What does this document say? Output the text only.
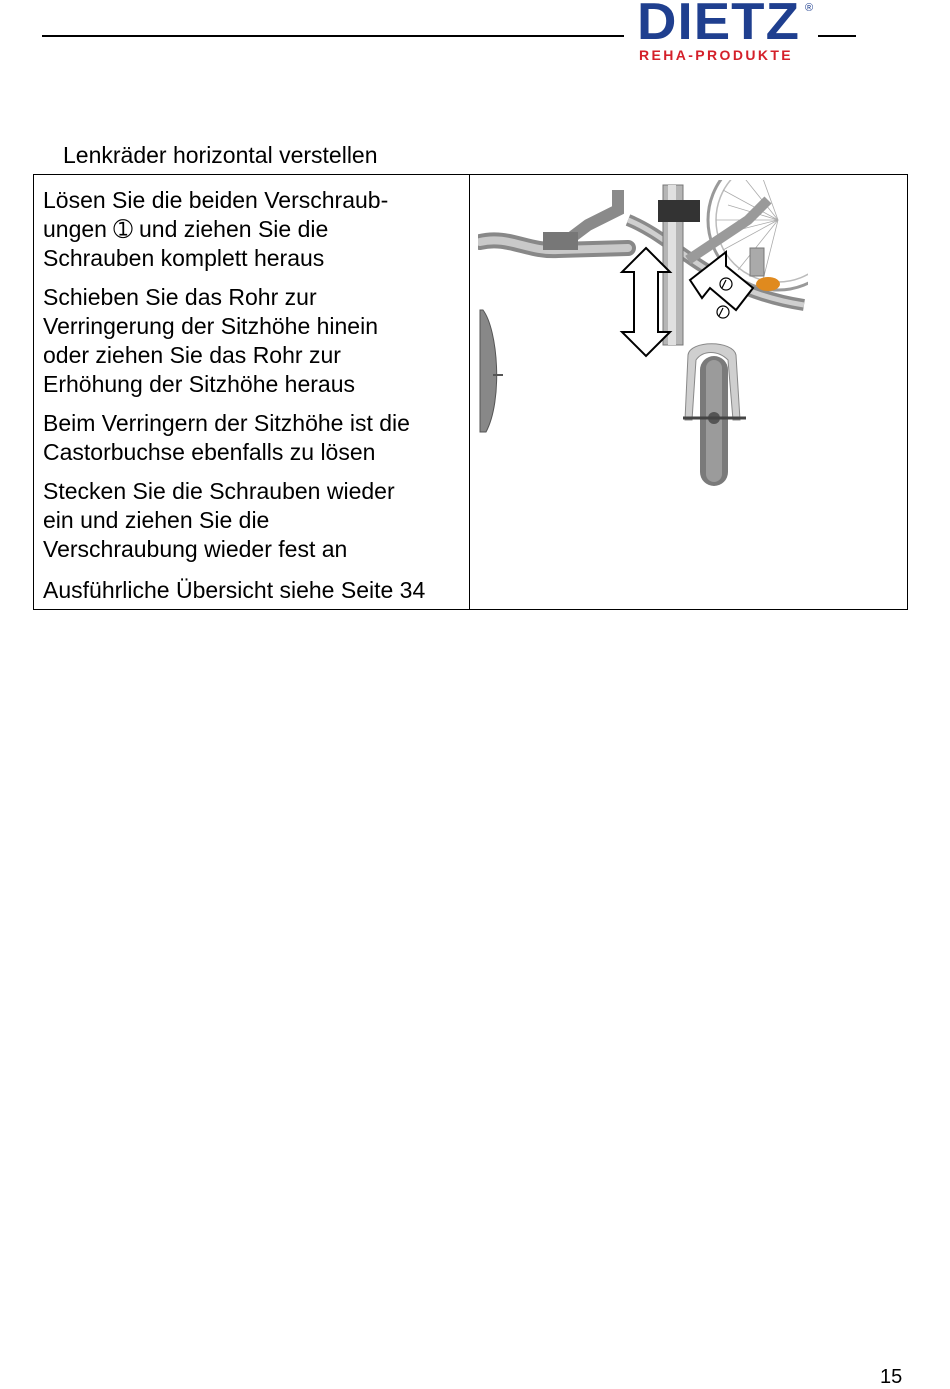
DIETZ ®
REHA-PRODUKTE
Lenkräder horizontal verstellen

Lösen Sie die beiden Verschraub-
ungen ➀ und ziehen Sie die
Schrauben komplett heraus

Schieben Sie das Rohr zur
Verringerung der Sitzhöhe hinein
oder ziehen Sie das Rohr zur
Erhöhung der Sitzhöhe heraus

Beim Verringern der Sitzhöhe ist die
Castorbuchse ebenfalls zu lösen

Stecken Sie die Schrauben wieder
ein und ziehen Sie die
Verschraubung wieder fest an

Ausführliche Übersicht siehe Seite 34

15
